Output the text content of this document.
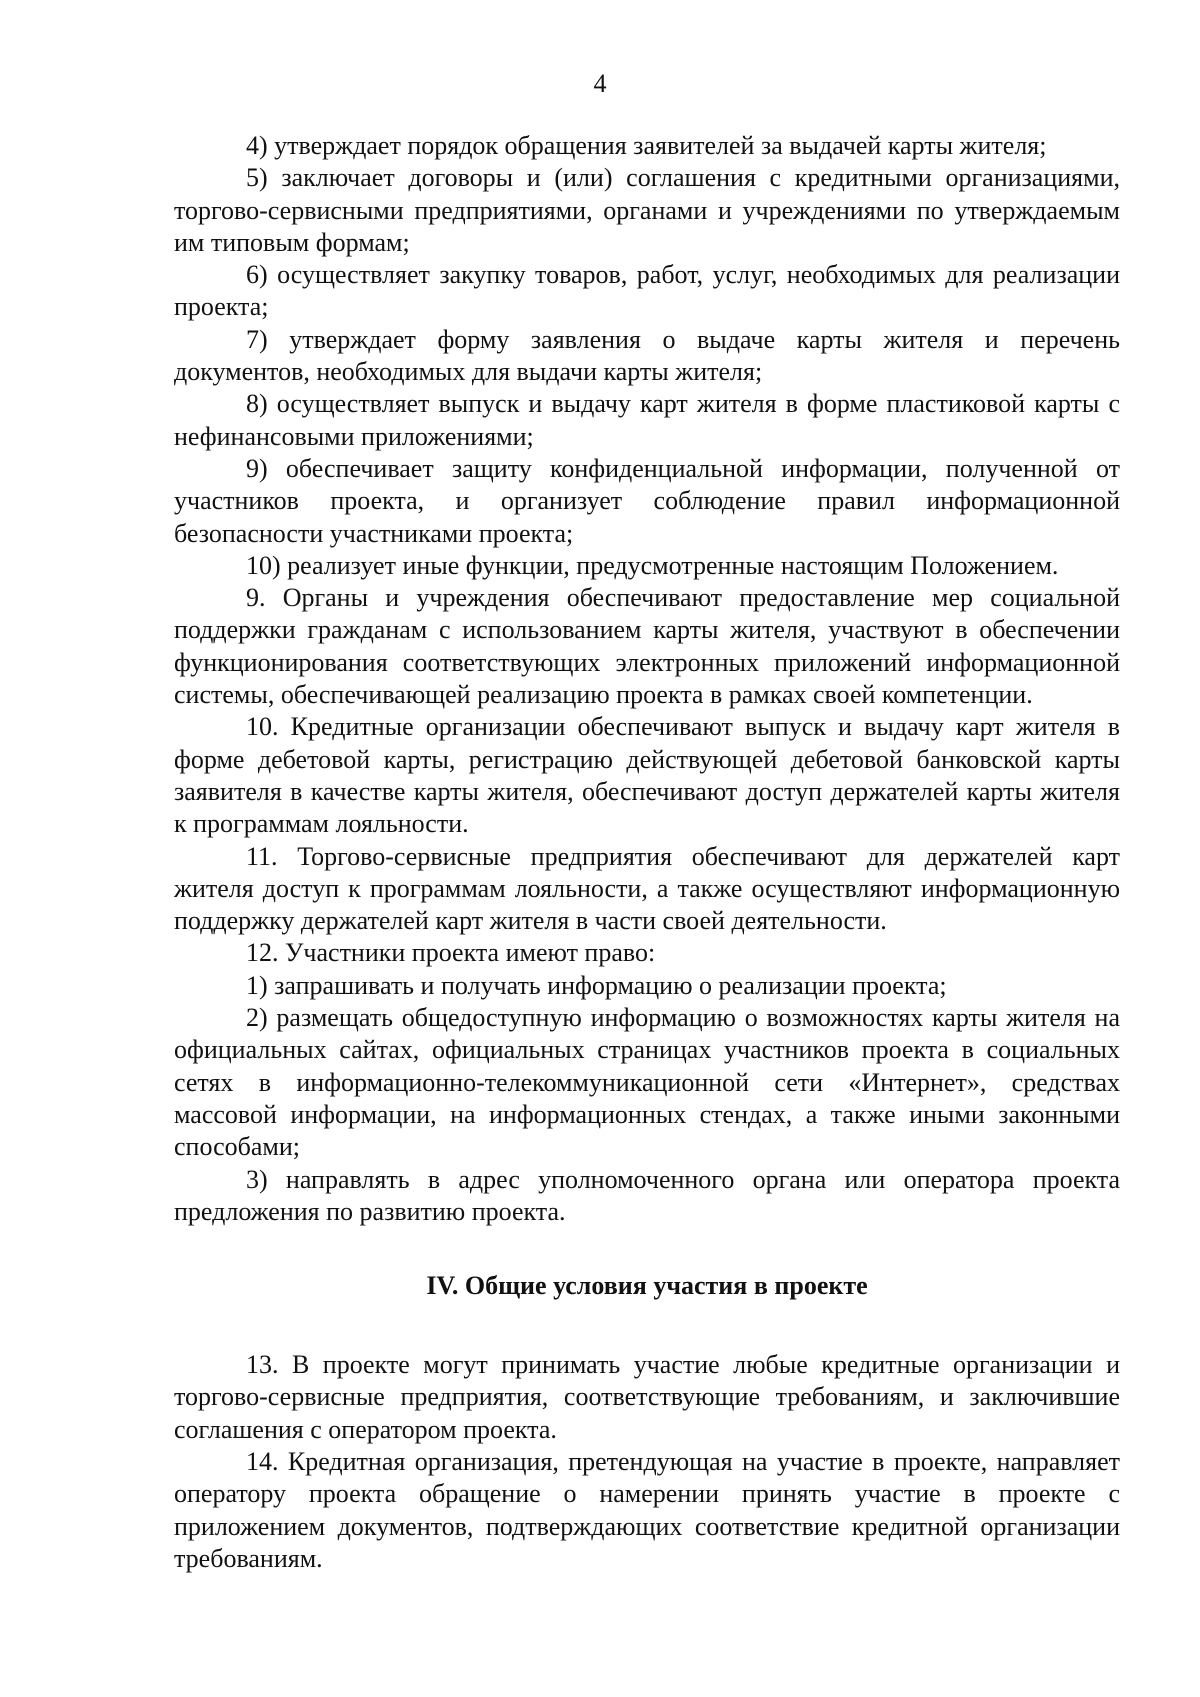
4

4) утверждает порядок обращения заявителей за выдачей карты жителя;

5) заключает договоры и (или) соглашения с кредитными организациями, торгово-сервисными предприятиями, органами и учреждениями по утверждаемым им типовым формам;

6) осуществляет закупку товаров, работ, услуг, необходимых для реализации проекта;

7) утверждает форму заявления о выдаче карты жителя и перечень документов, необходимых для выдачи карты жителя;

8) осуществляет выпуск и выдачу карт жителя в форме пластиковой карты с нефинансовыми приложениями;

9) обеспечивает защиту конфиденциальной информации, полученной от участников проекта, и организует соблюдение правил информационной безопасности участниками проекта;

10) реализует иные функции, предусмотренные настоящим Положением.

9. Органы и учреждения обеспечивают предоставление мер социальной поддержки гражданам с использованием карты жителя, участвуют в обеспечении функционирования соответствующих электронных приложений информационной системы, обеспечивающей реализацию проекта в рамках своей компетенции.

10. Кредитные организации обеспечивают выпуск и выдачу карт жителя в форме дебетовой карты, регистрацию действующей дебетовой банковской карты заявителя в качестве карты жителя, обеспечивают доступ держателей карты жителя к программам лояльности.

11. Торгово-сервисные предприятия обеспечивают для держателей карт жителя доступ к программам лояльности, а также осуществляют информационную поддержку держателей карт жителя в части своей деятельности.

12. Участники проекта имеют право:

1) запрашивать и получать информацию о реализации проекта;

2) размещать общедоступную информацию о возможностях карты жителя на официальных сайтах, официальных страницах участников проекта в социальных сетях в информационно-телекоммуникационной сети «Интернет», средствах массовой информации, на информационных стендах, а также иными законными способами;

3) направлять в адрес уполномоченного органа или оператора проекта предложения по развитию проекта.

IV. Общие условия участия в проекте

13. В проекте могут принимать участие любые кредитные организации и торгово-сервисные предприятия, соответствующие требованиям, и заключившие соглашения с оператором проекта.

14. Кредитная организация, претендующая на участие в проекте, направляет оператору проекта обращение о намерении принять участие в проекте с приложением документов, подтверждающих соответствие кредитной организации требованиям.
